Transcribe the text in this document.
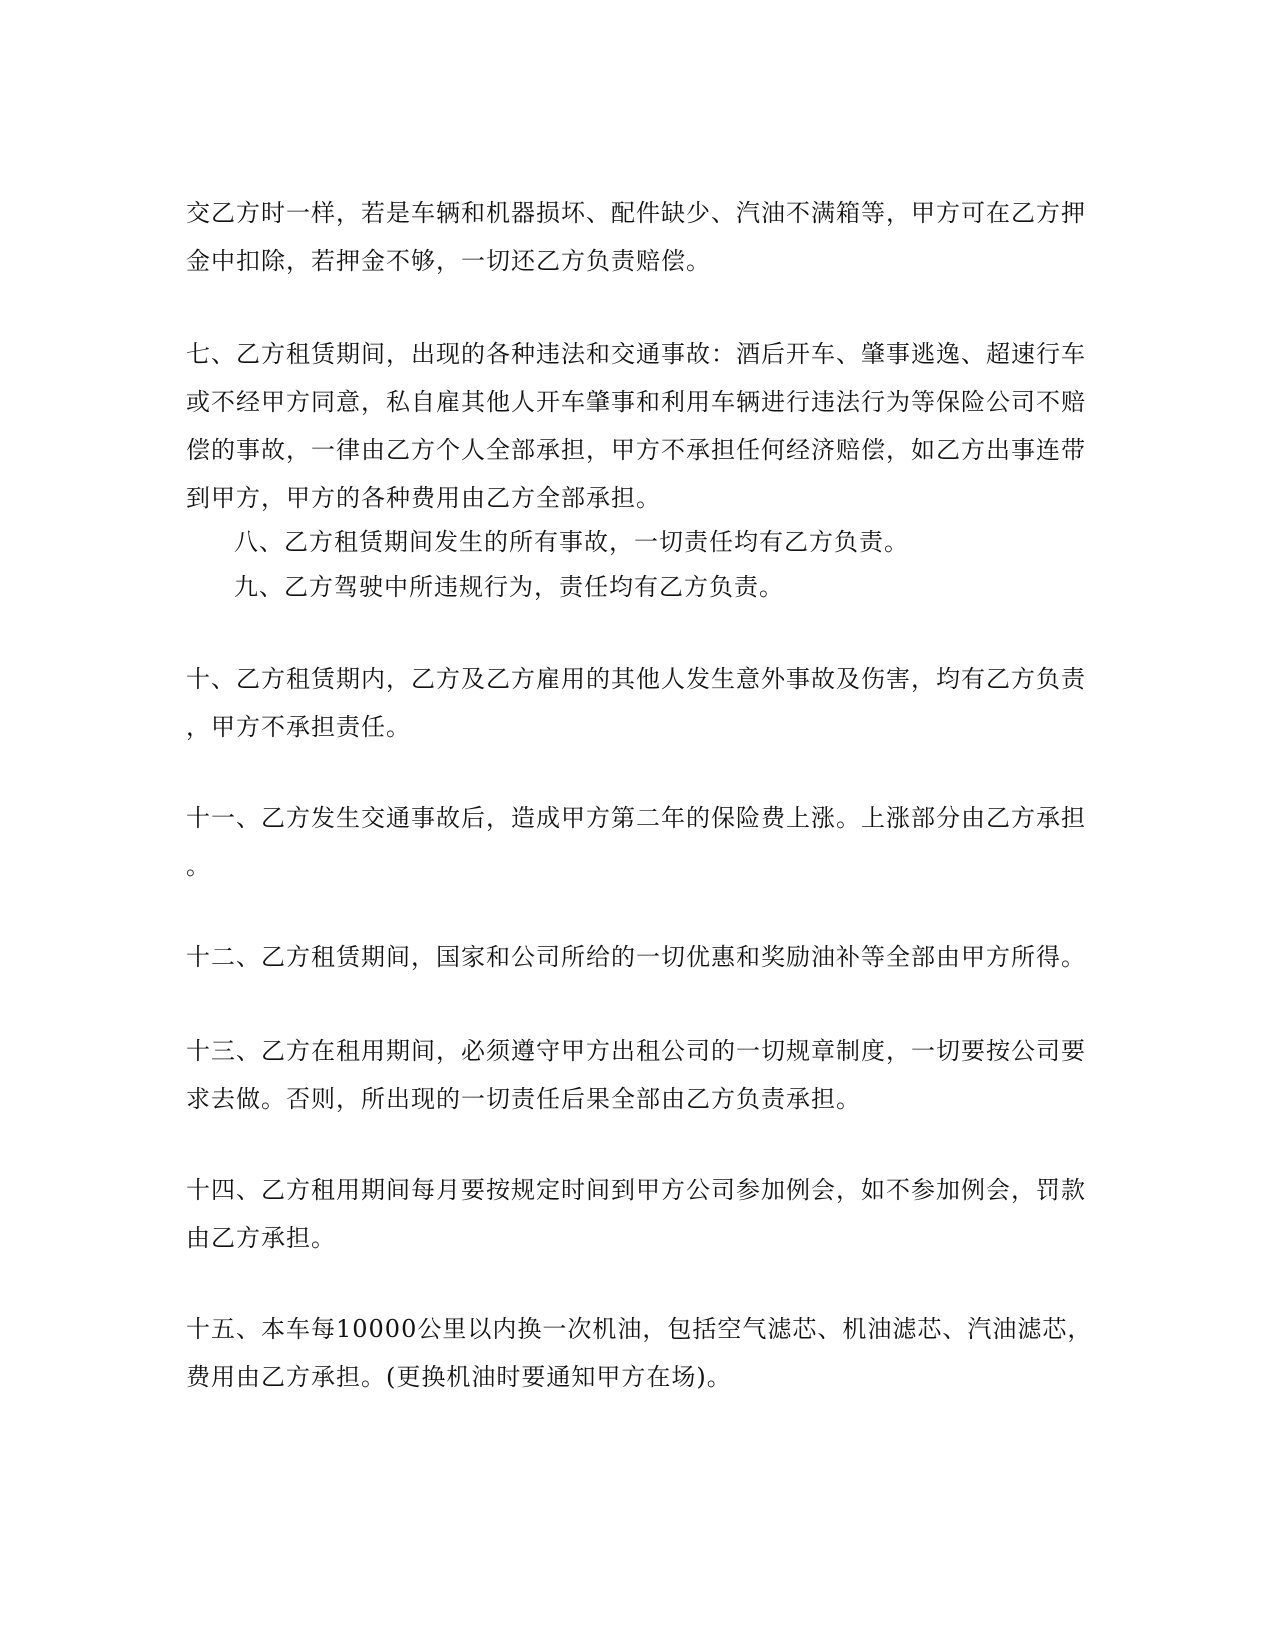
交乙方时一样，若是车辆和机器损坏、配件缺少、汽油不满箱等，甲方可在乙方押
金中扣除，若押金不够，一切还乙方负责赔偿。
七、乙方租赁期间，出现的各种违法和交通事故：酒后开车、肇事逃逸、超速行车
或不经甲方同意，私自雇其他人开车肇事和利用车辆进行违法行为等保险公司不赔
偿的事故，一律由乙方个人全部承担，甲方不承担任何经济赔偿，如乙方出事连带
到甲方，甲方的各种费用由乙方全部承担。
八、乙方租赁期间发生的所有事故，一切责任均有乙方负责。
九、乙方驾驶中所违规行为，责任均有乙方负责。
十、乙方租赁期内，乙方及乙方雇用的其他人发生意外事故及伤害，均有乙方负责
，甲方不承担责任。
十一、乙方发生交通事故后，造成甲方第二年的保险费上涨。上涨部分由乙方承担
。
十二、乙方租赁期间，国家和公司所给的一切优惠和奖励油补等全部由甲方所得。
十三、乙方在租用期间，必须遵守甲方出租公司的一切规章制度，一切要按公司要
求去做。否则，所出现的一切责任后果全部由乙方负责承担。
十四、乙方租用期间每月要按规定时间到甲方公司参加例会，如不参加例会，罚款
由乙方承担。
十五、本车每10000公里以内换一次机油，包括空气滤芯、机油滤芯、汽油滤芯，
费用由乙方承担。(更换机油时要通知甲方在场)。
